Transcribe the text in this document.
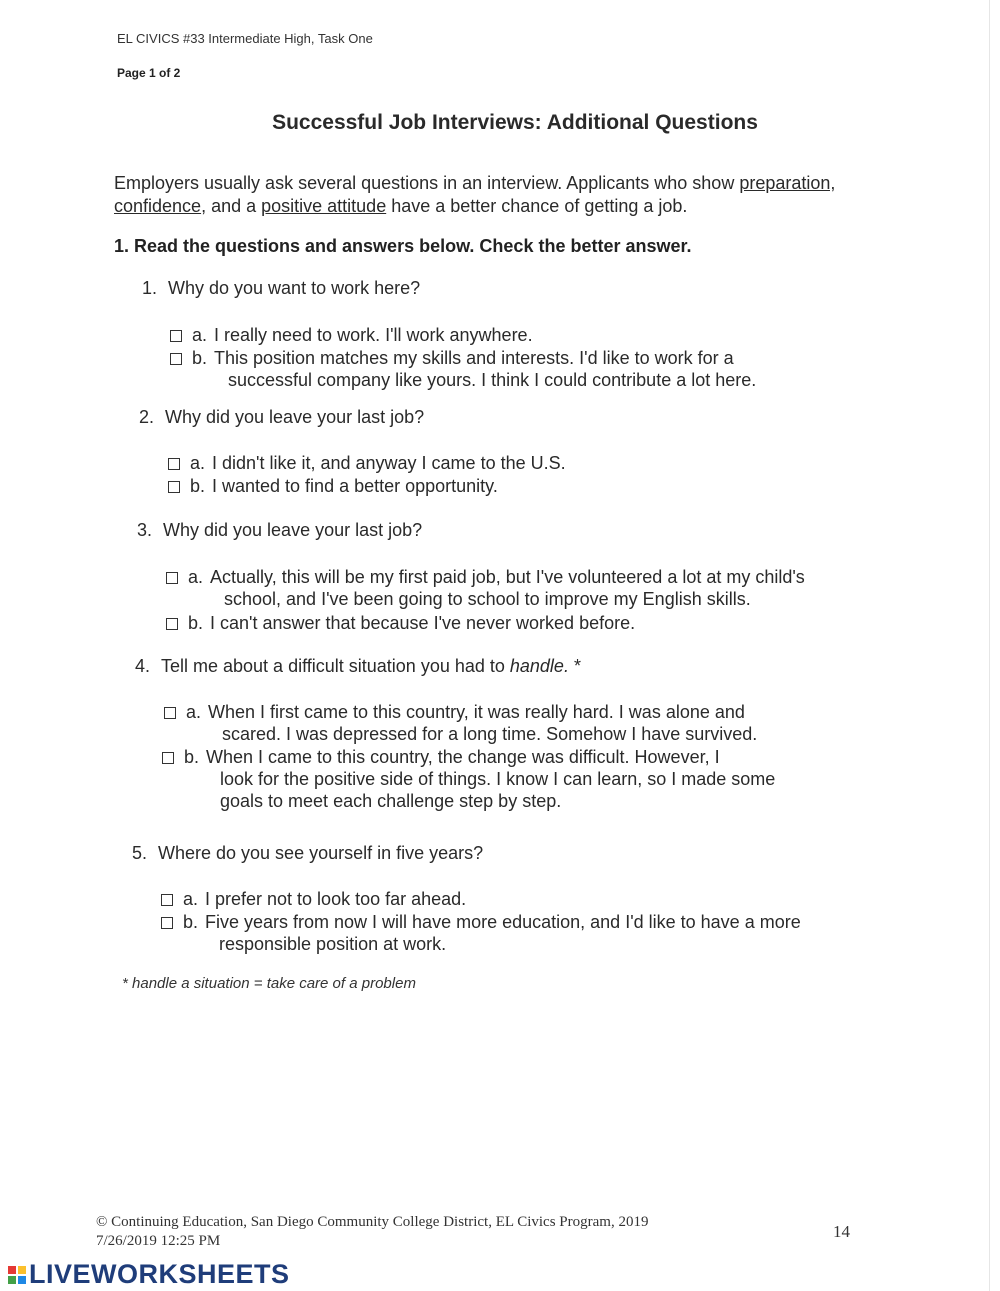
EL CIVICS #33 Intermediate High, Task One
Page 1 of 2
Successful Job Interviews: Additional Questions
Employers usually ask several questions in an interview. Applicants who show preparation, confidence, and a positive attitude have a better chance of getting a job.
1. Read the questions and answers below. Check the better answer.
1. Why do you want to work here?
a. I really need to work. I'll work anywhere.
b. This position matches my skills and interests. I'd like to work for a
successful company like yours. I think I could contribute a lot here.
2. Why did you leave your last job?
a. I didn't like it, and anyway I came to the U.S.
b. I wanted to find a better opportunity.
3. Why did you leave your last job?
a. Actually, this will be my first paid job, but I've volunteered a lot at my child's
school, and I've been going to school to improve my English skills.
b. I can't answer that because I've never worked before.
4. Tell me about a difficult situation you had to handle. *
a. When I first came to this country, it was really hard. I was alone and
scared. I was depressed for a long time. Somehow I have survived.
b. When I came to this country, the change was difficult. However, I
look for the positive side of things. I know I can learn, so I made some
goals to meet each challenge step by step.
5. Where do you see yourself in five years?
a. I prefer not to look too far ahead.
b. Five years from now I will have more education, and I'd like to have a more
responsible position at work.
* handle a situation = take care of a problem
© Continuing Education, San Diego Community College District, EL Civics Program, 2019
7/26/2019 12:25 PM	14
LIVEWORKSHEETS
